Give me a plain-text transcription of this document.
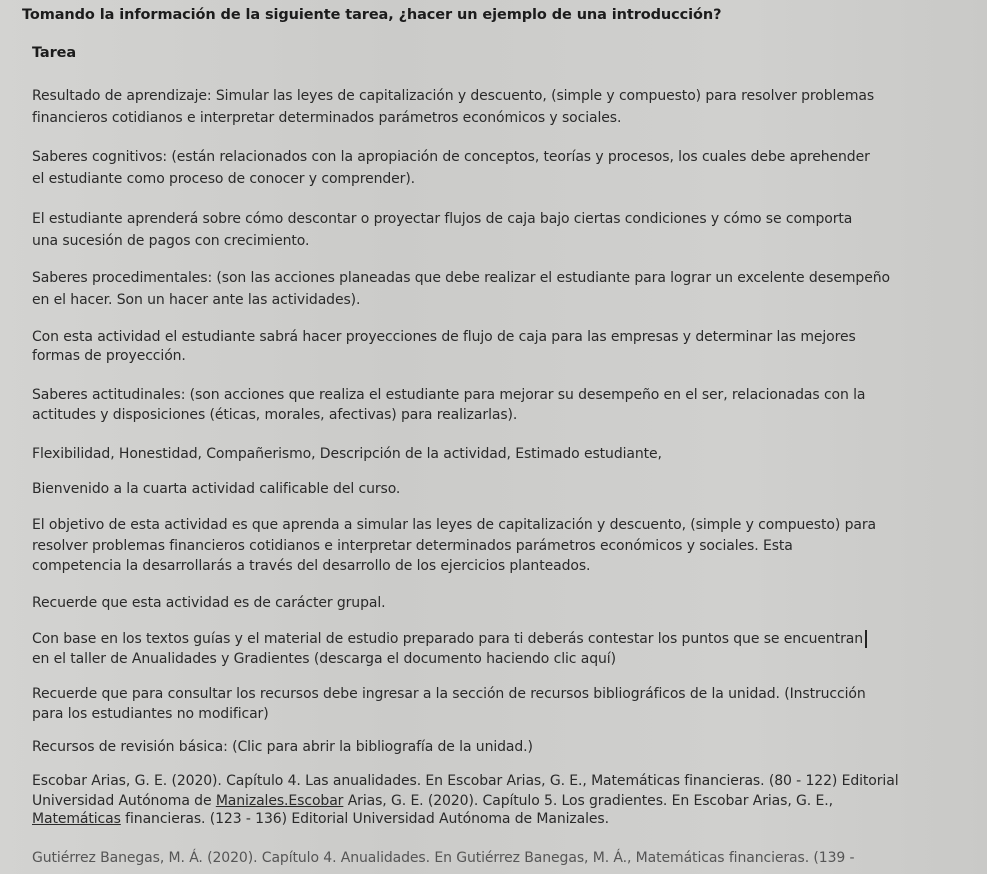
Tomando la información de la siguiente tarea, ¿hacer un ejemplo de una introducción?

Tarea

Resultado de aprendizaje: Simular las leyes de capitalización y descuento, (simple y compuesto) para resolver problemas

financieros cotidianos e interpretar determinados parámetros económicos y sociales.

Saberes cognitivos: (están relacionados con la apropiación de conceptos, teorías y procesos, los cuales debe aprehender

el estudiante como proceso de conocer y comprender).

El estudiante aprenderá sobre cómo descontar o proyectar flujos de caja bajo ciertas condiciones y cómo se comporta

una sucesión de pagos con crecimiento.

Saberes procedimentales: (son las acciones planeadas que debe realizar el estudiante para lograr un excelente desempeño

en el hacer. Son un hacer ante las actividades).

Con esta actividad el estudiante sabrá hacer proyecciones de flujo de caja para las empresas y determinar las mejores

formas de proyección.

Saberes actitudinales: (son acciones que realiza el estudiante para mejorar su desempeño en el ser, relacionadas con la

actitudes y disposiciones (éticas, morales, afectivas) para realizarlas).

Flexibilidad, Honestidad, Compañerismo, Descripción de la actividad, Estimado estudiante,

Bienvenido a la cuarta actividad calificable del curso.

El objetivo de esta actividad es que aprenda a simular las leyes de capitalización y descuento, (simple y compuesto) para

resolver problemas financieros cotidianos e interpretar determinados parámetros económicos y sociales. Esta

competencia la desarrollarás a través del desarrollo de los ejercicios planteados.

Recuerde que esta actividad es de carácter grupal.

Con base en los textos guías y el material de estudio preparado para ti deberás contestar los puntos que se encuentran

en el taller de Anualidades y Gradientes (descarga el documento haciendo clic aquí)

Recuerde que para consultar los recursos debe ingresar a la sección de recursos bibliográficos de la unidad. (Instrucción

para los estudiantes no modificar)

Recursos de revisión básica: (Clic para abrir la bibliografía de la unidad.)

Escobar Arias, G. E. (2020). Capítulo 4. Las anualidades. En Escobar Arias, G. E., Matemáticas financieras. (80 - 122) Editorial

Universidad Autónoma de Manizales.Escobar Arias, G. E. (2020). Capítulo 5. Los gradientes. En Escobar Arias, G. E.,

Matemáticas financieras. (123 - 136) Editorial Universidad Autónoma de Manizales.

Gutiérrez Banegas, M. Á. (2020). Capítulo 4. Anualidades. En Gutiérrez Banegas, M. Á., Matemáticas financieras. (139 -
